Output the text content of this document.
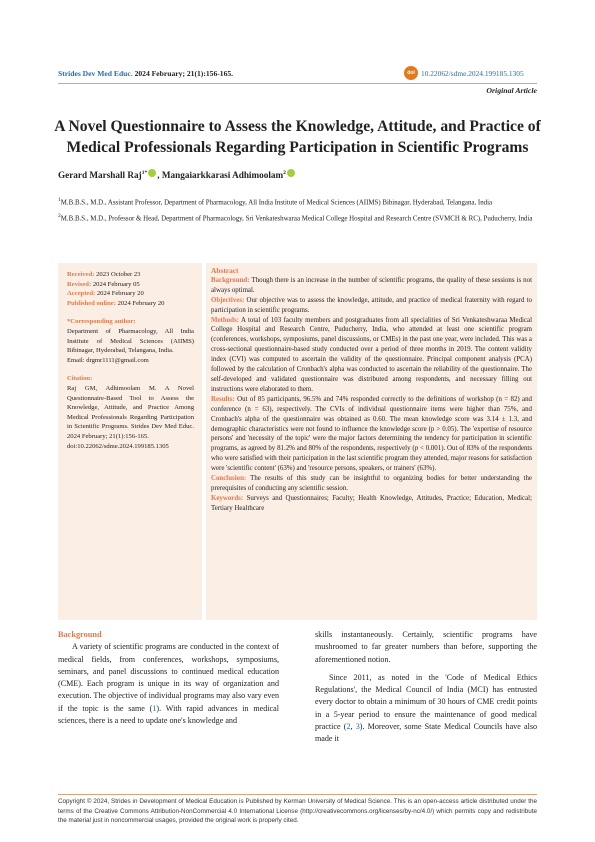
Strides Dev Med Educ. 2024 February; 21(1):156-165.	doi 10.22062/sdme.2024.199185.1305
Original Article
A Novel Questionnaire to Assess the Knowledge, Attitude, and Practice of
Medical Professionals Regarding Participation in Scientific Programs
Gerard Marshall Raj$^{1*}$ , Mangaiarkkarasi Adhimoolam$^2$

$^1$M.B.B.S., M.D., Assistant Professor, Department of Pharmacology, All India Institute of Medical Sciences (AIIMS) Bibinagar, Hyderabad, Telangana, India

$^2$M.B.B.S., M.D., Professor & Head, Department of Pharmacology, Sri Venkateshwaraa Medical College Hospital and Research Centre (SVMCH & RC), Puducherry, India

Received: 2023 October 23
Revised: 2024 February 05
Accepted: 2024 February 20
Published online: 2024 February 20
*Corresponding author:
Department of Pharmacology, All India Institute of Medical Sciences (AIIMS) Bibinagar, Hyderabad, Telangana, India.
Email: drgmr1111@gmail.com
Citation:
Raj GM, Adhimoolam M. A Novel Questionnaire-Based Tool to Assess the Knowledge, Attitude, and Practice Among Medical Professionals Regarding Participation in Scientific Programs. Strides Dev Med Educ. 2024 February; 21(1):156-165.
doi:10.22062/sdme.2024.199185.1305
Abstract

Background: Though there is an increase in the number of scientific programs, the quality of these sessions is not always optimal.

Objectives: Our objective was to assess the knowledge, attitude, and practice of medical fraternity with regard to participation in scientific programs.

Methods: A total of 103 faculty members and postgraduates from all specialities of Sri Venkateshwaraa Medical College Hospital and Research Centre, Puducherry, India, who attended at least one scientific program (conferences, workshops, symposiums, panel discussions, or CMEs) in the past one year, were included. This was a cross-sectional questionnaire-based study conducted over a period of three months in 2019. The content validity index (CVI) was computed to ascertain the validity of the questionnaire. Principal component analysis (PCA) followed by the calculation of Cronbach's alpha was conducted to ascertain the reliability of the questionnaire. The self-developed and validated questionnaire was distributed among respondents, and necessary filling out instructions were elaborated to them.

Results: Out of 85 participants, 96.5% and 74% responded correctly to the definitions of workshop (n = 82) and conference (n = 63), respectively. The CVIs of individual questionnaire items were higher than 75%, and Cronbach's alpha of the questionnaire was obtained as 0.60. The mean knowledge score was 3.14 ± 1.3, and demographic characteristics were not found to influence the knowledge score (p > 0.05). The 'expertise of resource persons' and 'necessity of the topic' were the major factors determining the tendency for participation in scientific programs, as agreed by 81.2% and 80% of the respondents, respectively (p < 0.001). Out of 83% of the respondents who were satisfied with their participation in the last scientific program they attended, major reasons for satisfaction were 'scientific content' (63%) and 'resource persons, speakers, or trainers' (63%).

Conclusion: The results of this study can be insightful to organizing bodies for better understanding the prerequisites of conducting any scientific session.

Keywords: Surveys and Questionnaires; Faculty; Health Knowledge, Attitudes, Practice; Education, Medical; Tertiary Healthcare

Background

A variety of scientific programs are conducted in the context of medical fields, from conferences, workshops, symposiums, seminars, and panel discussions to continued medical education (CME). Each program is unique in its way of organization and execution. The objective of individual programs may also vary even if the topic is the same (1). With rapid advances in medical sciences, there is a need to update one's knowledge and

skills instantaneously. Certainly, scientific programs have mushroomed to far greater numbers than before, supporting the aforementioned notion.

Since 2011, as noted in the 'Code of Medical Ethics Regulations', the Medical Council of India (MCI) has entrusted every doctor to obtain a minimum of 30 hours of CME credit points in a 5-year period to ensure the maintenance of good medical practice (2, 3). Moreover, some State Medical Councils have also made it

Copyright © 2024, Strides in Development of Medical Education is Published by Kerman University of Medical Science. This is an open-access article distributed under the terms of the Creative Commons Attribution-NonCommercial 4.0 International License (http://creativecommons.org/licenses/by-nc/4.0/) which permits copy and redistribute the material just in noncommercial usages, provided the original work is properly cited.
